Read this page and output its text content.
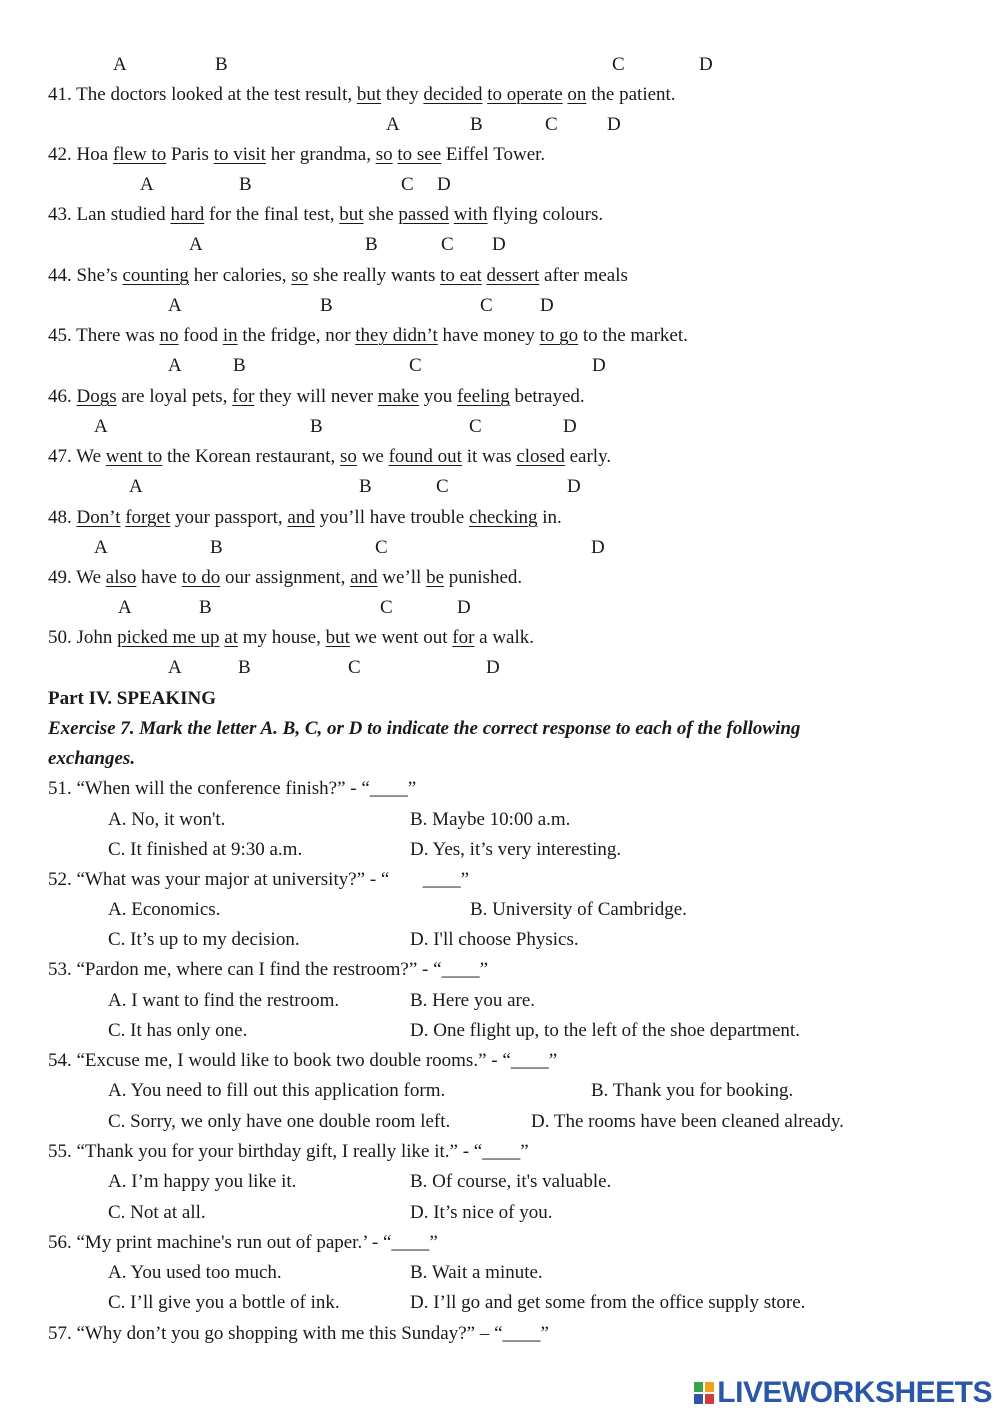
A	B	C	D
41. The doctors looked at the test result, but they decided to operate on the patient.
A	B	C	D
42. Hoa flew to Paris to visit her grandma, so to see Eiffel Tower.
A	B	C D
43. Lan studied hard for the final test, but she passed with flying colours.
A	B	C D
44. She’s counting her calories, so she really wants to eat dessert after meals
A	B	C D
45. There was no food in the fridge, nor they didn’t have money to go to the market.
A	B	C	D
46. Dogs are loyal pets, for they will never make you feeling betrayed.
A	B	C	D
47. We went to the Korean restaurant, so we found out it was closed early.
A	B	C	D
48. Don’t forget your passport, and you’ll have trouble checking in.
A	B	C	D
49. We also have to do our assignment, and we’ll be punished.
A	B	C	D
50. John picked me up at my house, but we went out for a walk.
A	B	C	D
Part IV. SPEAKING
Exercise 7. Mark the letter A. B, C, or D to indicate the correct response to each of the following
exchanges.
51. “When will the conference finish?” - “____”
A. No, it won't.	B. Maybe 10:00 a.m.
C. It finished at 9:30 a.m.	D. Yes, it’s very interesting.
52. “What was your major at university?” - “       ____”
A. Economics.	B. University of Cambridge.
C. It’s up to my decision.	D. I'll choose Physics.
53. “Pardon me, where can I find the restroom?” - “____”
A. I want to find the restroom.	B. Here you are.
C. It has only one.	D. One flight up, to the left of the shoe department.
54. “Excuse me, I would like to book two double rooms.” - “____”
A. You need to fill out this application form.	B. Thank you for booking.
C. Sorry, we only have one double room left.	D. The rooms have been cleaned already.
55. “Thank you for your birthday gift, I really like it.” - “____”
A. I’m happy you like it.	B. Of course, it's valuable.
C. Not at all.	D. It’s nice of you.
56. “My print machine's run out of paper.’ - “____”
A. You used too much.	B. Wait a minute.
C. I’ll give you a bottle of ink.	D. I’ll go and get some from the office supply store.
57. “Why don’t you go shopping with me this Sunday?” – “____”
LIVEWORKSHEETS
